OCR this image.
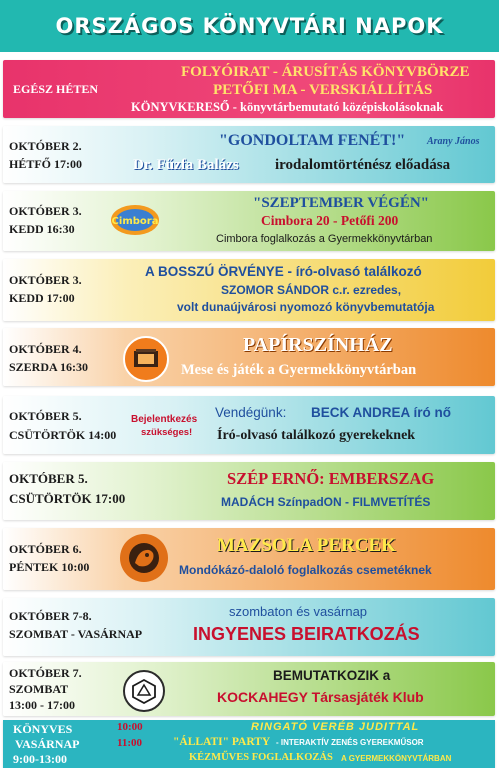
ORSZÁGOS KÖNYVTÁRI NAPOK
EGÉSZ HÉTEN
FOLYÓIRAT - ÁRUSÍTÁS KÖNYVBÖRZE
PETŐFI MA - VERSKIÁLLÍTÁS
KÖNYVKERESŐ - könyvtárbemutató középiskolásoknak
OKTÓBER 2.
HÉTFŐ 17:00
"GONDOLTAM FENÉT!" Arany János
Dr. Fűzfa Balázs irodalomtörténész előadása
OKTÓBER 3.
KEDD 16:30
Cimbora
"SZEPTEMBER VÉGÉN"
Cimbora 20 - Petőfi 200
Cimbora foglalkozás a Gyermekkönyvtárban
OKTÓBER 3.
KEDD 17:00
A BOSSZÚ ÖRVÉNYE - író-olvasó találkozó
SZOMOR SÁNDOR c.r. ezredes,
volt dunaújvárosi nyomozó könyvbemutatója
OKTÓBER 4.
SZERDA 16:30
PAPÍRSZÍNHÁZ
Mese és játék a Gyermekkönyvtárban
OKTÓBER 5.
CSÜTÖRTÖK 14:00
Bejelentkezés
szükséges!
Vendégünk: BECK ANDREA író nő
Író-olvasó találkozó gyerekeknek
OKTÓBER 5.
CSÜTÖRTÖK 17:00
SZÉP ERNŐ: EMBERSZAG
MADÁCH SzínpadON - FILMVETÍTÉS
OKTÓBER 6.
PÉNTEK 10:00
MAZSOLA PERCEK
Mondókázó-daloló foglalkozás csemetéknek
OKTÓBER 7-8.
SZOMBAT - VASÁRNAP
szombaton és vasárnap
INGYENES BEIRATKOZÁS
OKTÓBER 7.
SZOMBAT
13:00 - 17:00
BEMUTATKOZIK a
KOCKAHEGY Társasjáték Klub
KÖNYVES
VASÁRNAP
9:00-13:00
10:00
11:00
RINGATÓ VERÉB JUDITTAL
"ÁLLATI" PARTY - INTERAKTÍV ZENÉS GYEREKMŰSOR
KÉZMŰVES FOGLALKOZÁS A GYERMEKKÖNYVTÁRBAN
